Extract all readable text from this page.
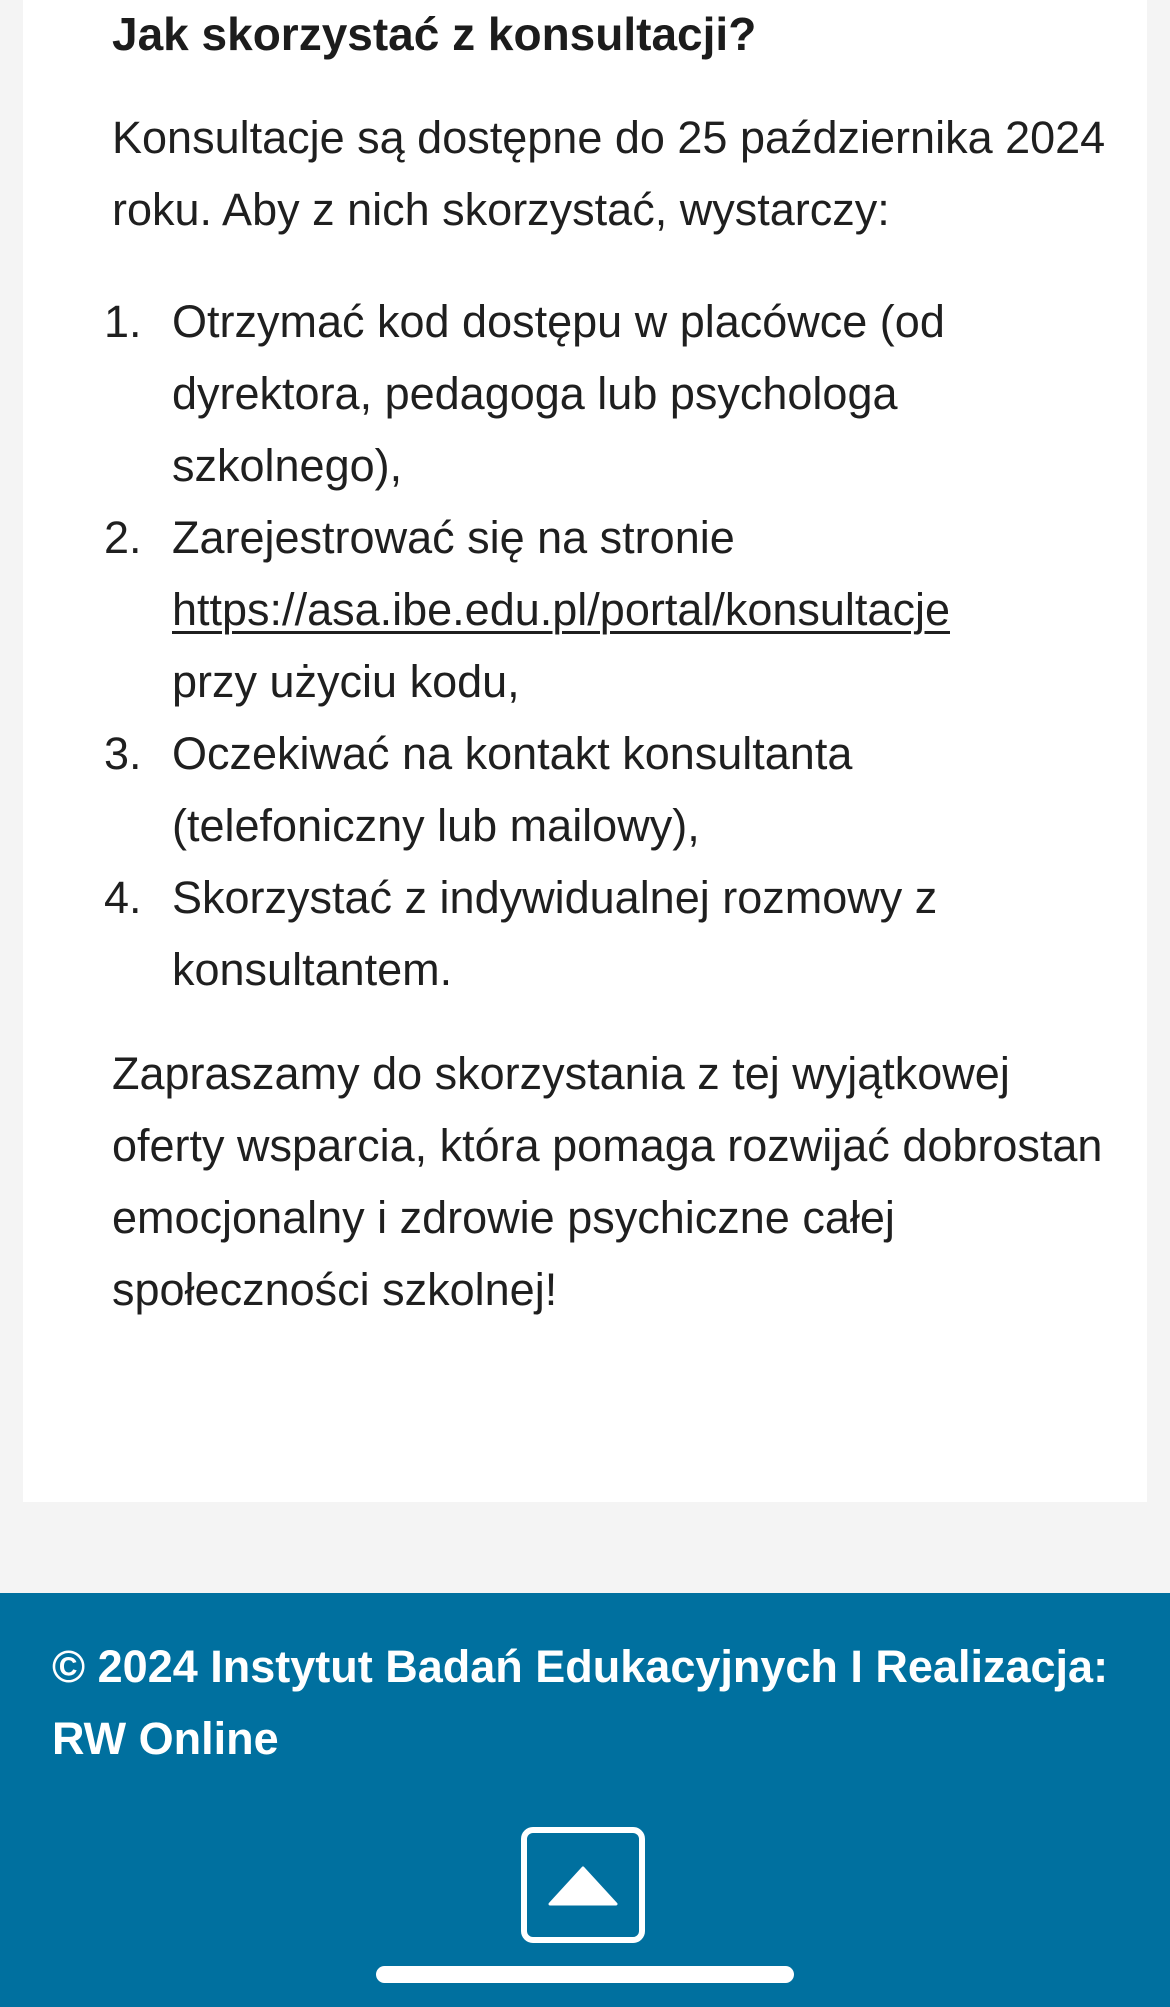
Jak skorzystać z konsultacji?

Konsultacje są dostępne do 25 października 2024 roku. Aby z nich skorzystać, wystarczy:

1. Otrzymać kod dostępu w placówce (od dyrektora, pedagoga lub psychologa szkolnego),
2. Zarejestrować się na stronie
https://asa.ibe.edu.pl/portal/konsultacje
przy użyciu kodu,
3. Oczekiwać na kontakt konsultanta (telefoniczny lub mailowy),
4. Skorzystać z indywidualnej rozmowy z konsultantem.

Zapraszamy do skorzystania z tej wyjątkowej oferty wsparcia, która pomaga rozwijać dobrostan emocjonalny i zdrowie psychiczne całej społeczności szkolnej!

© 2024 Instytut Badań Edukacyjnych I Realizacja: RW Online
